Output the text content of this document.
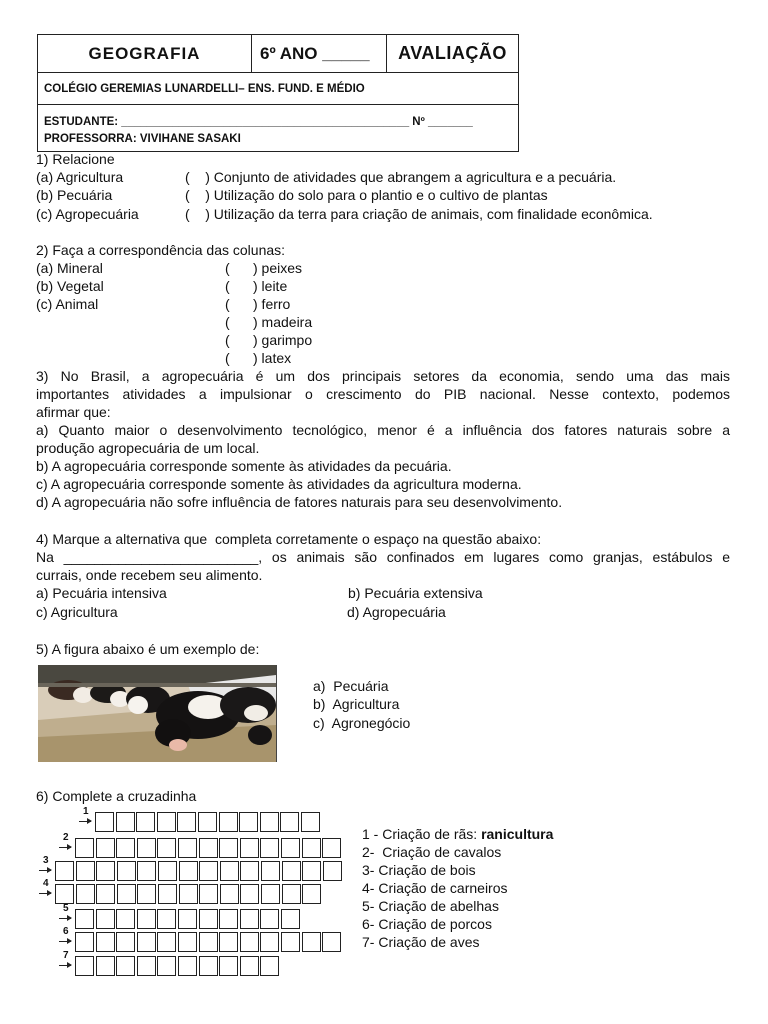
GEOGRAFIA	6º ANO _____	AVALIAÇÃO
COLÉGIO GEREMIAS LUNARDELLI– ENS. FUND. E MÉDIO
ESTUDANTE: _____________________________________________ Nº _______
PROFESSORRA: VIVIHANE SASAKI
1) Relacione
(a) Agricultura	(    ) Conjunto de atividades que abrangem a agricultura e a pecuária.
(b) Pecuária	(    ) Utilização do solo para o plantio e o cultivo de plantas
(c) Agropecuária	(    ) Utilização da terra para criação de animais, com finalidade econômica.
2) Faça a correspondência das colunas:
(a) Mineral
(b) Vegetal
(c) Animal
(      ) peixes
(      ) leite
(      ) ferro
(      ) madeira
(      ) garimpo
(      ) latex
3) No Brasil, a agropecuária é um dos principais setores da economia, sendo uma das mais
importantes atividades a impulsionar o crescimento do PIB nacional. Nesse contexto, podemos
afirmar que:
a) Quanto maior o desenvolvimento tecnológico, menor é a influência dos fatores naturais sobre a
produção agropecuária de um local.
b) A agropecuária corresponde somente às atividades da pecuária.
c) A agropecuária corresponde somente às atividades da agricultura moderna.
d) A agropecuária não sofre influência de fatores naturais para seu desenvolvimento.
4) Marque a alternativa que  completa corretamente o espaço na questão abaixo:
Na _________________________, os animais são confinados em lugares como granjas, estábulos e
currais, onde recebem seu alimento.
a) Pecuária intensiva	b) Pecuária extensiva
c) Agricultura	d) Agropecuária
5) A figura abaixo é um exemplo de:
a)  Pecuária
b)  Agricultura
c)  Agronegócio
6) Complete a cruzadinha
1
2
3
4
5
6
7
1 - Criação de rãs: ranicultura
2-  Criação de cavalos
3- Criação de bois
4- Criação de carneiros
5- Criação de abelhas
6- Criação de porcos
7- Criação de aves
